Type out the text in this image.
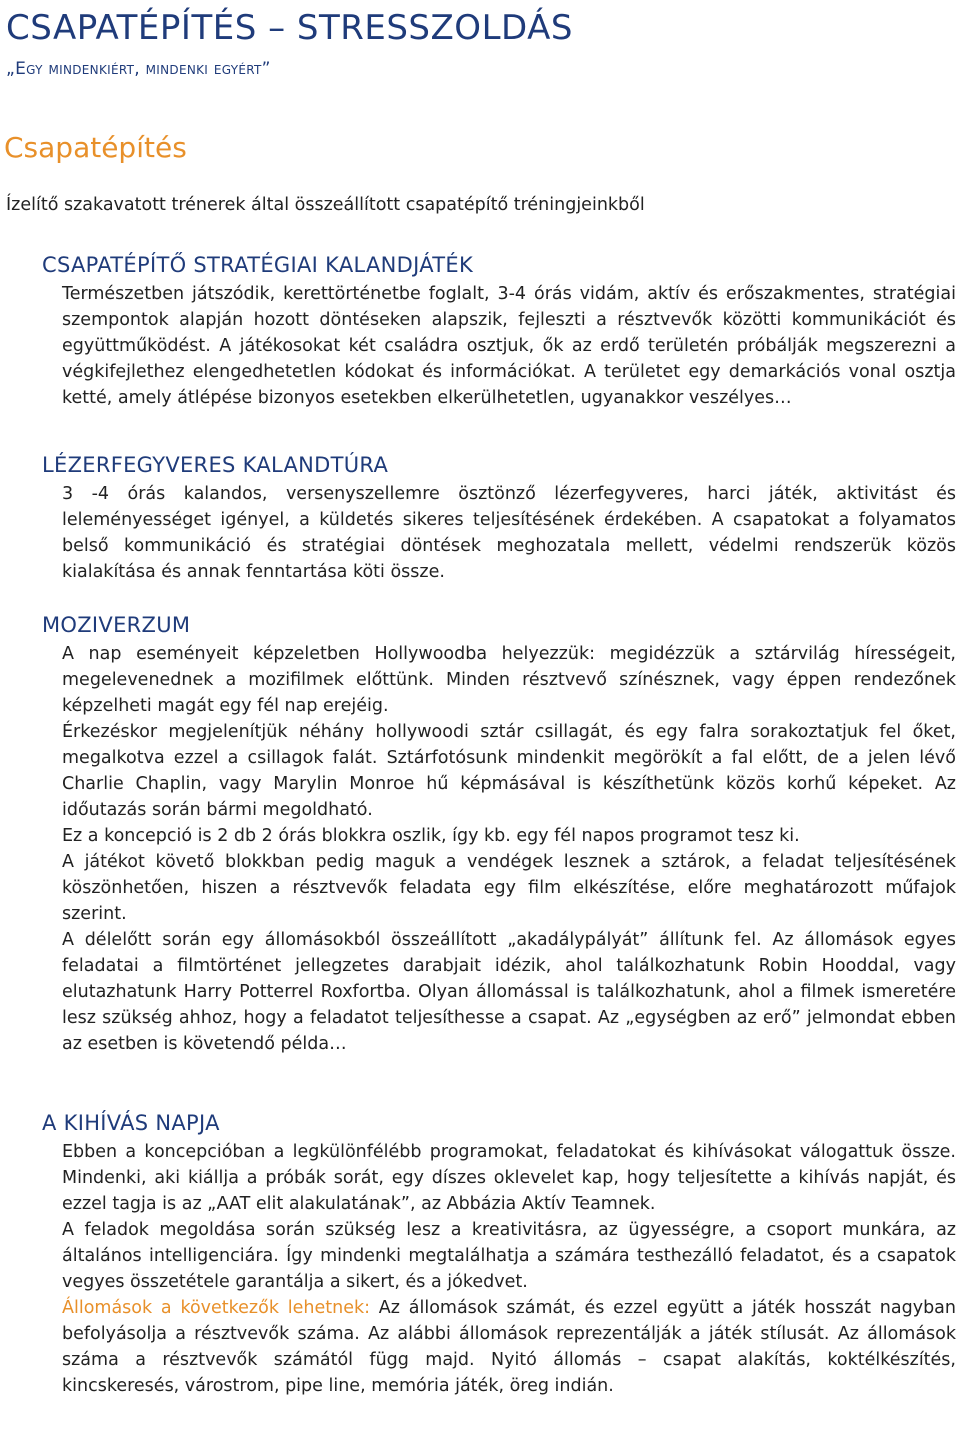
CSAPATÉPÍTÉS – STRESSZOLDÁS
„Egy mindenkiért, mindenki egyért”
Csapatépítés
Ízelítő szakavatott trénerek által összeállított csapatépítő tréningjeinkből
CSAPATÉPÍTŐ STRATÉGIAI KALANDJÁTÉK

Természetben játszódik, kerettörténetbe foglalt, 3-4 órás vidám, aktív és erőszakmentes, stratégiai szempontok alapján hozott döntéseken alapszik, fejleszti a résztvevők közötti kommunikációt és együttműködést. A játékosokat két családra osztjuk, ők az erdő területén próbálják megszerezni a végkifejlethez elengedhetetlen kódokat és információkat. A területet egy demarkációs vonal osztja ketté, amely átlépése bizonyos esetekben elkerülhetetlen, ugyanakkor veszélyes…

LÉZERFEGYVERES KALANDTÚRA

3 -4 órás kalandos, versenyszellemre ösztönző lézerfegyveres, harci játék, aktivitást és leleményességet igényel, a küldetés sikeres teljesítésének érdekében. A csapatokat a folyamatos belső kommunikáció és stratégiai döntések meghozatala mellett, védelmi rendszerük közös kialakítása és annak fenntartása köti össze.

MOZIVERZUM

A nap eseményeit képzeletben Hollywoodba helyezzük: megidézzük a sztárvilág hírességeit, megelevenednek a mozifilmek előttünk. Minden résztvevő színésznek, vagy éppen rendezőnek képzelheti magát egy fél nap erejéig.

Érkezéskor megjelenítjük néhány hollywoodi sztár csillagát, és egy falra sorakoztatjuk fel őket, megalkotva ezzel a csillagok falát. Sztárfotósunk mindenkit megörökít a fal előtt, de a jelen lévő Charlie Chaplin, vagy Marylin Monroe hű képmásával is készíthetünk közös korhű képeket. Az időutazás során bármi megoldható.

Ez a koncepció is 2 db 2 órás blokkra oszlik, így kb. egy fél napos programot tesz ki.

A játékot követő blokkban pedig maguk a vendégek lesznek a sztárok, a feladat teljesítésének köszönhetően, hiszen a résztvevők feladata egy film elkészítése, előre meghatározott műfajok szerint.

A délelőtt során egy állomásokból összeállított „akadálypályát” állítunk fel. Az állomások egyes feladatai a filmtörténet jellegzetes darabjait idézik, ahol találkozhatunk Robin Hooddal, vagy elutazhatunk Harry Potterrel Roxfortba. Olyan állomással is találkozhatunk, ahol a filmek ismeretére lesz szükség ahhoz, hogy a feladatot teljesíthesse a csapat. Az „egységben az erő” jelmondat ebben az esetben is követendő példa…

A KIHÍVÁS NAPJA

Ebben a koncepcióban a legkülönfélébb programokat, feladatokat és kihívásokat válogattuk össze. Mindenki, aki kiállja a próbák sorát, egy díszes oklevelet kap, hogy teljesítette a kihívás napját, és ezzel tagja is az „AAT elit alakulatának”, az Abbázia Aktív Teamnek.

A feladok megoldása során szükség lesz a kreativitásra, az ügyességre, a csoport munkára, az általános intelligenciára. Így mindenki megtalálhatja a számára testhezálló feladatot, és a csapatok vegyes összetétele garantálja a sikert, és a jókedvet.

Állomások a következők lehetnek: Az állomások számát, és ezzel együtt a játék hosszát nagyban befolyásolja a résztvevők száma. Az alábbi állomások reprezentálják a játék stílusát. Az állomások száma a résztvevők számától függ majd. Nyitó állomás – csapat alakítás, koktélkészítés, kincskeresés, várostrom, pipe line, memória játék, öreg indián.
